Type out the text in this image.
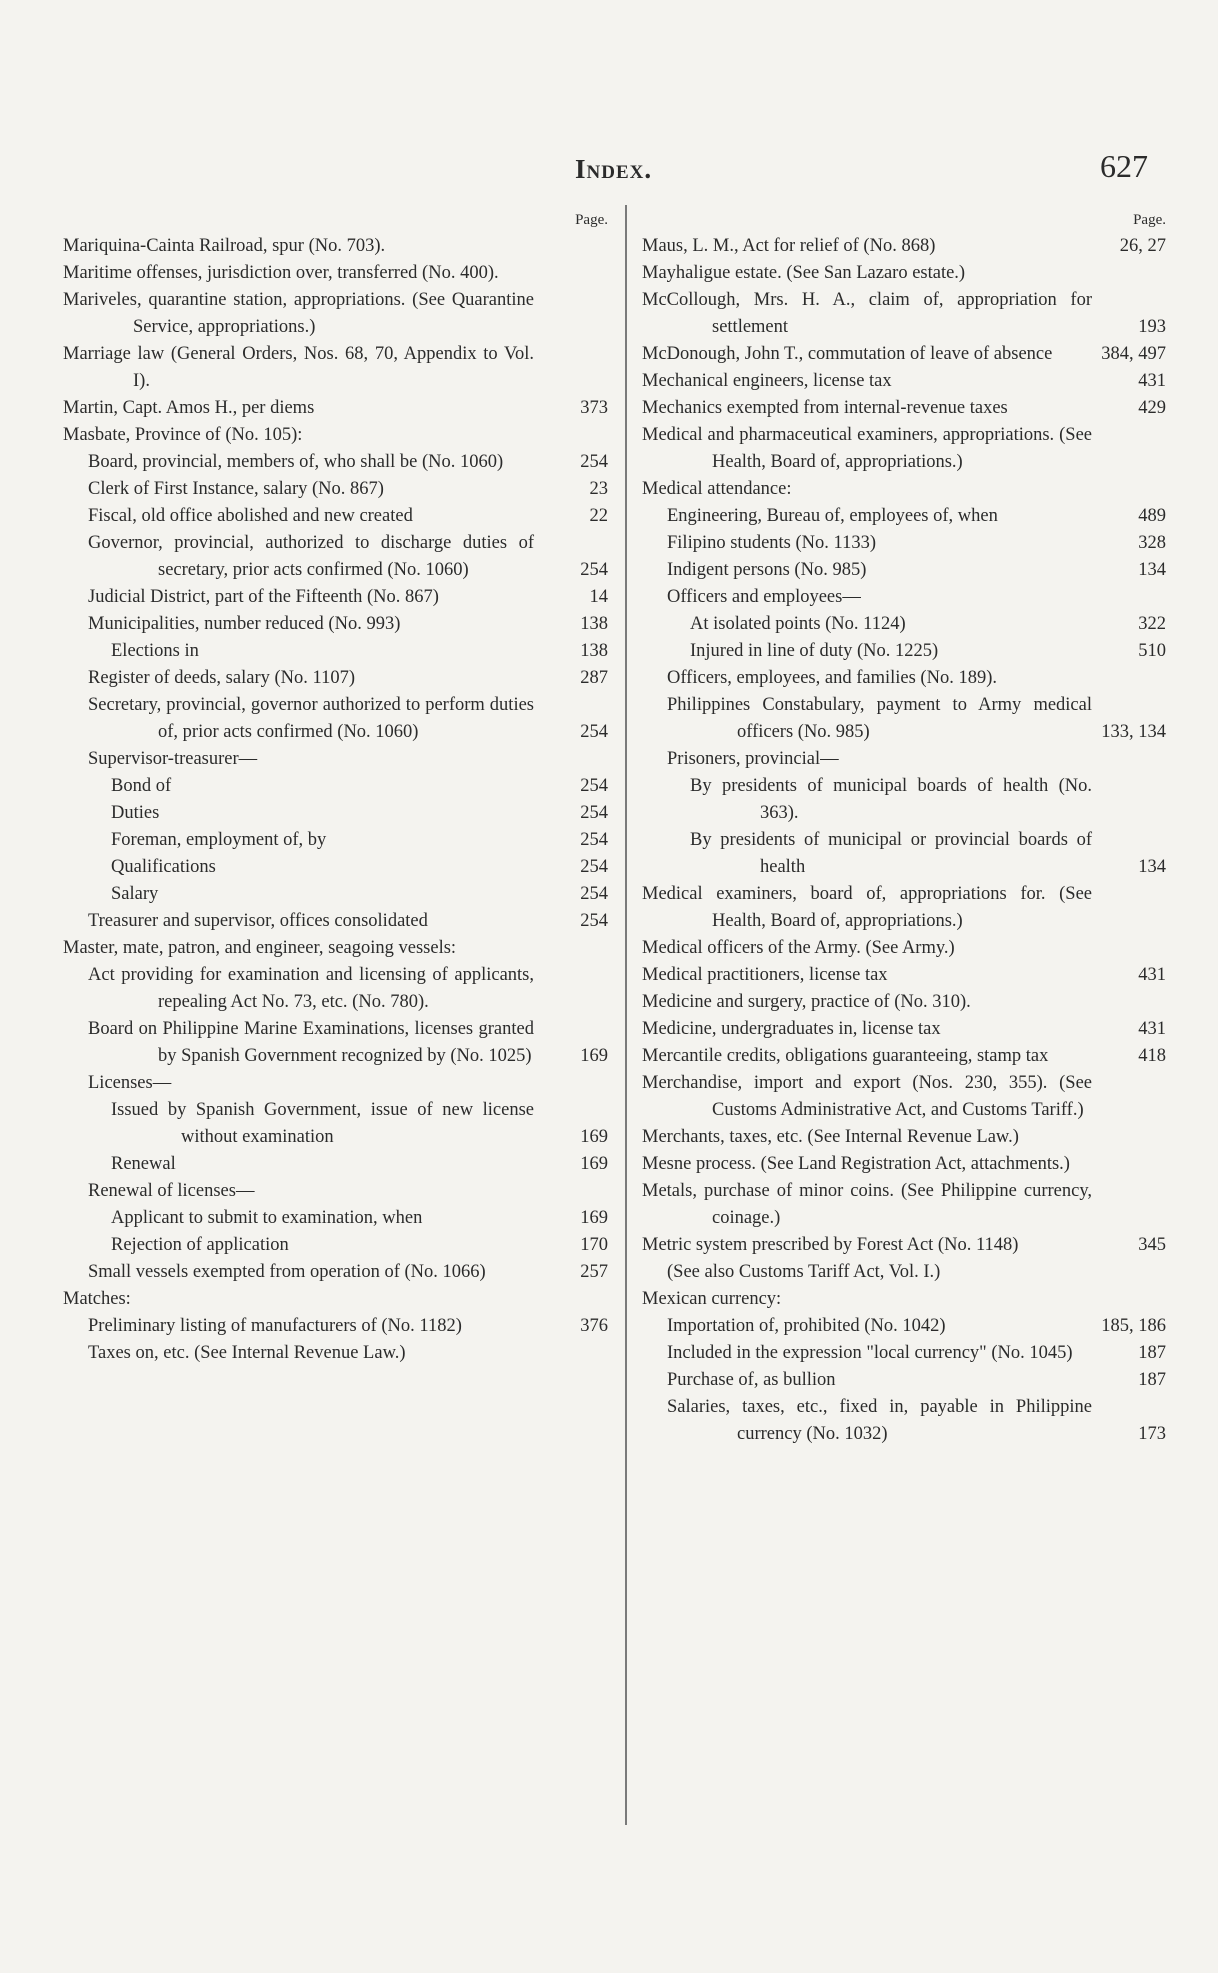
Index.	627
Page.
Mariquina-Cainta Railroad, spur (No. 703).
Maritime offenses, jurisdiction over, transferred (No. 400).
Mariveles, quarantine station, appropriations. (See Quarantine Service, appropriations.)
Marriage law (General Orders, Nos. 68, 70, Appendix to Vol. I).
Martin, Capt. Amos H., per diems	373
Masbate, Province of (No. 105):
Board, provincial, members of, who shall be (No. 1060)	254
Clerk of First Instance, salary (No. 867)	23
Fiscal, old office abolished and new created	22
Governor, provincial, authorized to discharge duties of secretary, prior acts confirmed (No. 1060)	254
Judicial District, part of the Fifteenth (No. 867)	14
Municipalities, number reduced (No. 993)	138
Elections in	138
Register of deeds, salary (No. 1107)	287
Secretary, provincial, governor authorized to perform duties of, prior acts confirmed (No. 1060)	254
Supervisor-treasurer—
Bond of	254
Duties	254
Foreman, employment of, by	254
Qualifications	254
Salary	254
Treasurer and supervisor, offices consolidated	254
Master, mate, patron, and engineer, seagoing vessels:
Act providing for examination and licensing of applicants, repealing Act No. 73, etc. (No. 780).
Board on Philippine Marine Examinations, licenses granted by Spanish Government recognized by (No. 1025)	169
Licenses—
Issued by Spanish Government, issue of new license without examination	169
Renewal	169
Renewal of licenses—
Applicant to submit to examination, when	169
Rejection of application	170
Small vessels exempted from operation of (No. 1066)	257
Matches:
Preliminary listing of manufacturers of (No. 1182)	376
Taxes on, etc. (See Internal Revenue Law.)
Page.
Maus, L. M., Act for relief of (No. 868)	26, 27
Mayhaligue estate. (See San Lazaro estate.)
McCollough, Mrs. H. A., claim of, appropriation for settlement	193
McDonough, John T., commutation of leave of absence	384, 497
Mechanical engineers, license tax	431
Mechanics exempted from internal-revenue taxes	429
Medical and pharmaceutical examiners, appropriations. (See Health, Board of, appropriations.)
Medical attendance:
Engineering, Bureau of, employees of, when	489
Filipino students (No. 1133)	328
Indigent persons (No. 985)	134
Officers and employees—
At isolated points (No. 1124)	322
Injured in line of duty (No. 1225)	510
Officers, employees, and families (No. 189).
Philippines Constabulary, payment to Army medical officers (No. 985)	133, 134
Prisoners, provincial—
By presidents of municipal boards of health (No. 363).
By presidents of municipal or provincial boards of health	134
Medical examiners, board of, appropriations for. (See Health, Board of, appropriations.)
Medical officers of the Army. (See Army.)
Medical practitioners, license tax	431
Medicine and surgery, practice of (No. 310).
Medicine, undergraduates in, license tax	431
Mercantile credits, obligations guaranteeing, stamp tax	418
Merchandise, import and export (Nos. 230, 355). (See Customs Administrative Act, and Customs Tariff.)
Merchants, taxes, etc. (See Internal Revenue Law.)
Mesne process. (See Land Registration Act, attachments.)
Metals, purchase of minor coins. (See Philippine currency, coinage.)
Metric system prescribed by Forest Act (No. 1148)	345
(See also Customs Tariff Act, Vol. I.)
Mexican currency:
Importation of, prohibited (No. 1042)	185, 186
Included in the expression "local currency" (No. 1045)	187
Purchase of, as bullion	187
Salaries, taxes, etc., fixed in, payable in Philippine currency (No. 1032)	173
